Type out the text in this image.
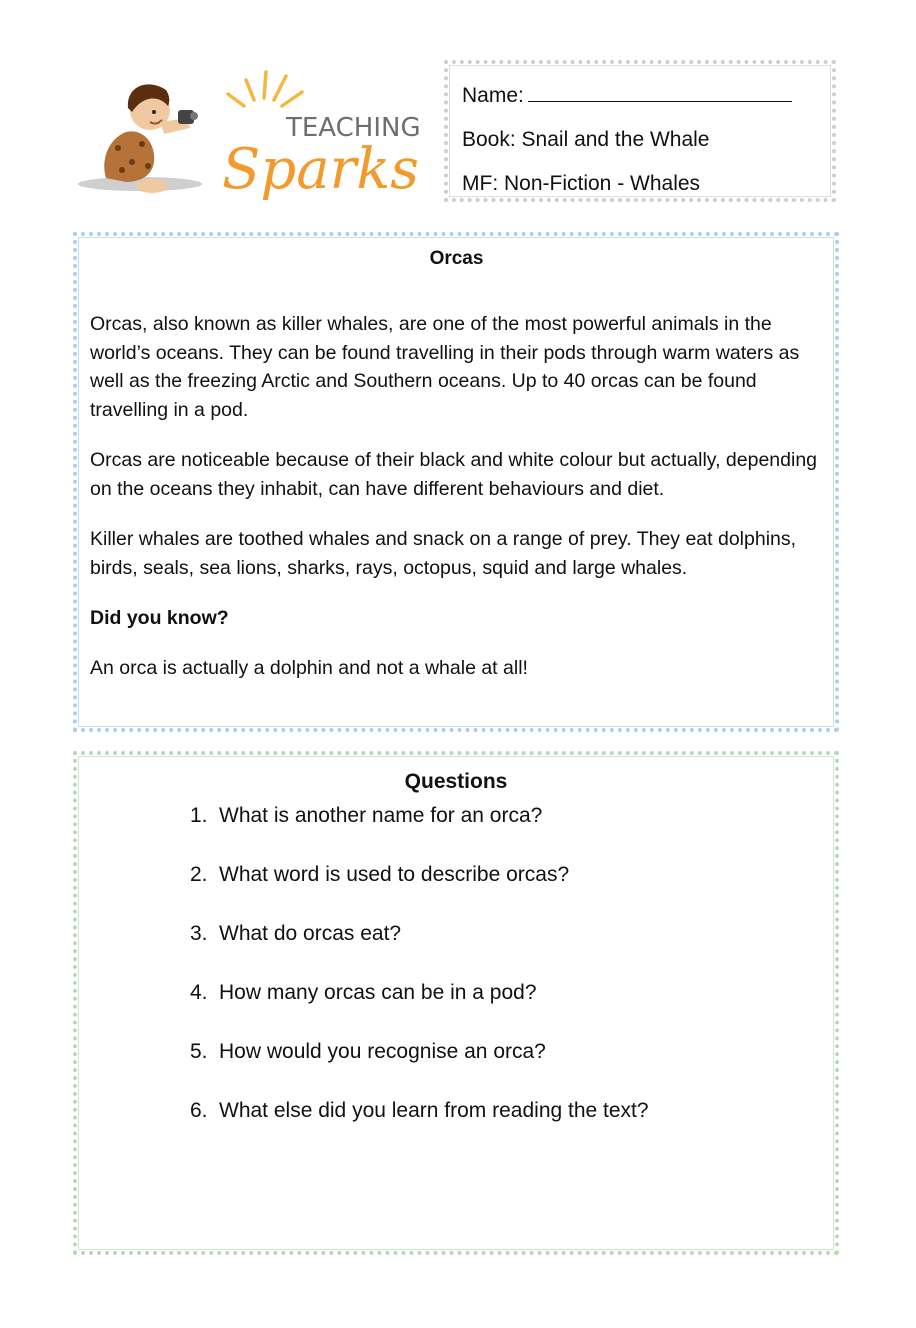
TEACHING
Sparks
Name:
Book: Snail and the Whale
MF: Non-Fiction - Whales

Orcas

Orcas, also known as killer whales, are one of the most powerful animals in the world’s oceans. They can be found travelling in their pods through warm waters as well as the freezing Arctic and Southern oceans. Up to 40 orcas can be found travelling in a pod.

Orcas are noticeable because of their black and white colour but actually, depending on the oceans they inhabit, can have different behaviours and diet.

Killer whales are toothed whales and snack on a range of prey. They eat dolphins, birds, seals, sea lions, sharks, rays, octopus, squid and large whales.

Did you know?

An orca is actually a dolphin and not a whale at all!

Questions

1. What is another name for an orca?
2. What word is used to describe orcas?
3. What do orcas eat?
4. How many orcas can be in a pod?
5. How would you recognise an orca?
6. What else did you learn from reading the text?
